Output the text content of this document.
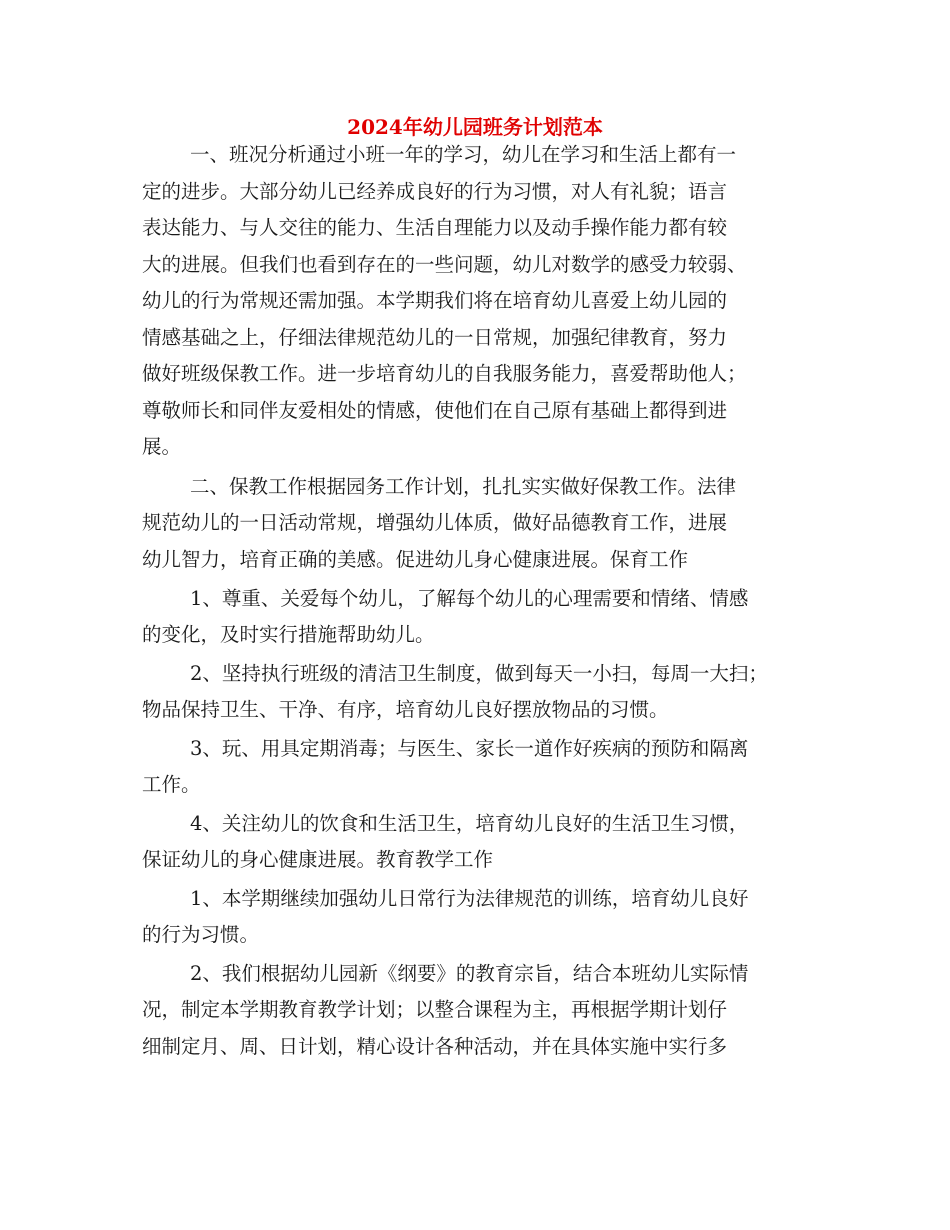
2024年幼儿园班务计划范本

一、班况分析通过小班一年的学习，幼儿在学习和生活上都有一

定的进步。大部分幼儿已经养成良好的行为习惯，对人有礼貌；语言

表达能力、与人交往的能力、生活自理能力以及动手操作能力都有较

大的进展。但我们也看到存在的一些问题，幼儿对数学的感受力较弱、

幼儿的行为常规还需加强。本学期我们将在培育幼儿喜爱上幼儿园的

情感基础之上，仔细法律规范幼儿的一日常规，加强纪律教育，努力

做好班级保教工作。进一步培育幼儿的自我服务能力，喜爱帮助他人；

尊敬师长和同伴友爱相处的情感，使他们在自己原有基础上都得到进

展。

二、保教工作根据园务工作计划，扎扎实实做好保教工作。法律

规范幼儿的一日活动常规，增强幼儿体质，做好品德教育工作，进展

幼儿智力，培育正确的美感。促进幼儿身心健康进展。保育工作

1、尊重、关爱每个幼儿，了解每个幼儿的心理需要和情绪、情感

的变化，及时实行措施帮助幼儿。

2、坚持执行班级的清洁卫生制度，做到每天一小扫，每周一大扫；

物品保持卫生、干净、有序，培育幼儿良好摆放物品的习惯。

3、玩、用具定期消毒；与医生、家长一道作好疾病的预防和隔离

工作。

4、关注幼儿的饮食和生活卫生，培育幼儿良好的生活卫生习惯，

保证幼儿的身心健康进展。教育教学工作

1、本学期继续加强幼儿日常行为法律规范的训练，培育幼儿良好

的行为习惯。

2、我们根据幼儿园新《纲要》的教育宗旨，结合本班幼儿实际情

况，制定本学期教育教学计划；以整合课程为主，再根据学期计划仔

细制定月、周、日计划，精心设计各种活动，并在具体实施中实行多
